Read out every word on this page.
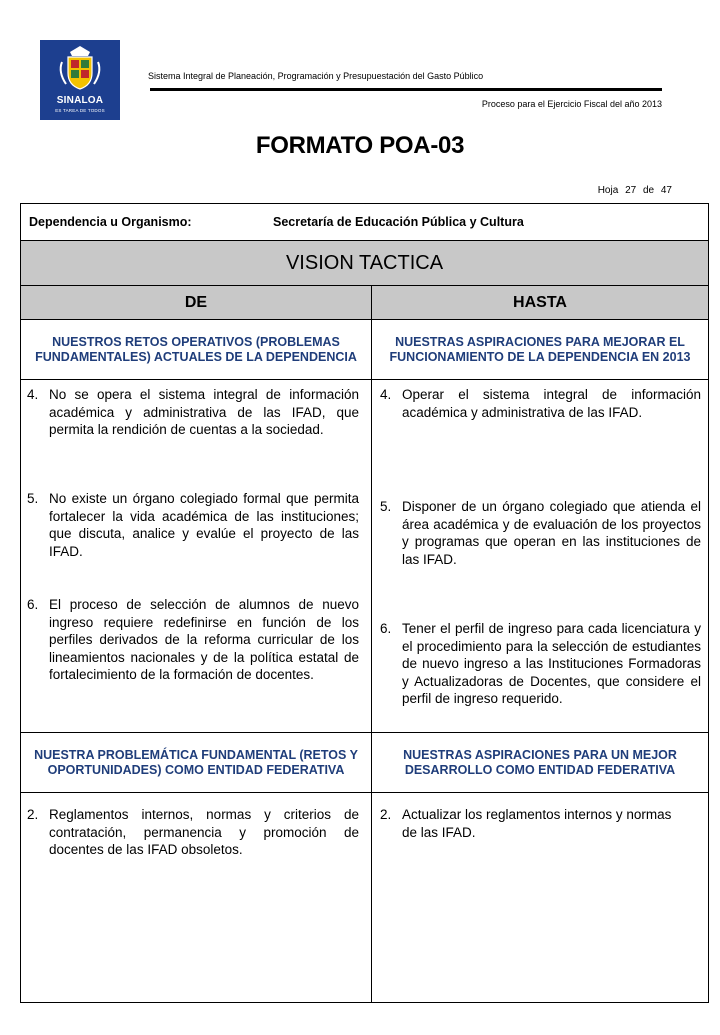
SINALOA
ES TAREA DE TODOS
Sistema Integral de Planeación, Programación y Presupuestación del Gasto Público
Proceso para el Ejercicio Fiscal del año 2013
FORMATO POA-03
Hoja 27 de 47
Dependencia u Organismo:	Secretaría de Educación Pública y Cultura
VISION TACTICA
DE	HASTA
NUESTROS RETOS OPERATIVOS (PROBLEMAS FUNDAMENTALES) ACTUALES DE LA DEPENDENCIA
NUESTRAS ASPIRACIONES PARA MEJORAR EL FUNCIONAMIENTO DE LA DEPENDENCIA EN 2013
4. No se opera el sistema integral de información académica y administrativa de las IFAD, que permita la rendición de cuentas a la sociedad.
5. No existe un órgano colegiado formal que permita fortalecer la vida académica de las instituciones; que discuta, analice y evalúe el proyecto de las IFAD.
6. El proceso de selección de alumnos de nuevo ingreso requiere redefinirse en función de los perfiles derivados de la reforma curricular de los lineamientos nacionales y de la política estatal de fortalecimiento de la formación de docentes.
4. Operar el sistema integral de información académica y administrativa de las IFAD.
5. Disponer de un órgano colegiado que atienda el área académica y de evaluación de los proyectos y programas que operan en las instituciones de las IFAD.
6. Tener el perfil de ingreso para cada licenciatura y el procedimiento para la selección de estudiantes de nuevo ingreso a las Instituciones Formadoras y Actualizadoras de Docentes, que considere el perfil de ingreso requerido.
NUESTRA PROBLEMÁTICA FUNDAMENTAL (RETOS Y OPORTUNIDADES) COMO ENTIDAD FEDERATIVA
NUESTRAS ASPIRACIONES PARA UN MEJOR DESARROLLO COMO ENTIDAD FEDERATIVA
2. Reglamentos internos, normas y criterios de contratación, permanencia y promoción de docentes de las IFAD obsoletos.
2. Actualizar los reglamentos internos y normas de las IFAD.
